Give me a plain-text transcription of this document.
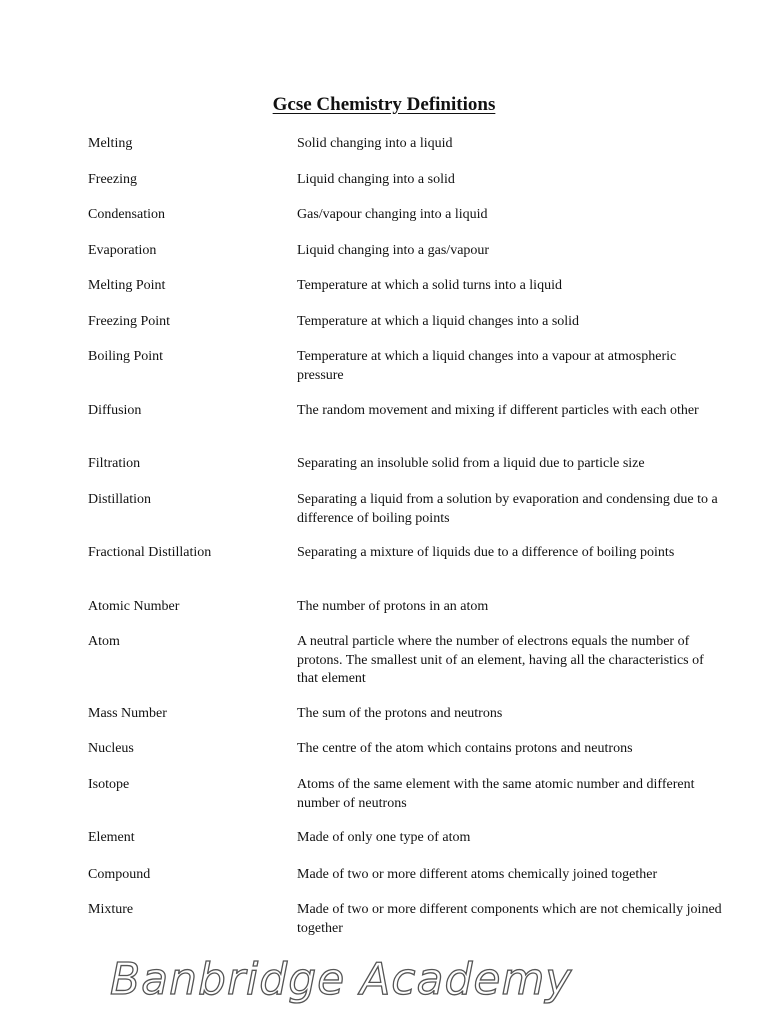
Gcse Chemistry Definitions
Melting	Solid changing into a liquid
Freezing	Liquid changing into a solid
Condensation	Gas/vapour changing into a liquid
Evaporation	Liquid changing into a gas/vapour
Melting Point	Temperature at which a solid turns into a liquid
Freezing Point	Temperature at which a liquid changes into a solid
Boiling Point	Temperature at which a liquid changes into a vapour at atmospheric pressure
Diffusion	The random movement and mixing if different particles with each other
Filtration	Separating an insoluble solid from a liquid due to particle size
Distillation	Separating a liquid from a solution by evaporation and condensing due to a difference of boiling points
Fractional Distillation	Separating a mixture of liquids due to a difference of boiling points
Atomic Number	The number of protons in an atom
Atom	A neutral particle where the number of electrons equals the number of protons. The smallest unit of an element, having all the characteristics of that element
Mass Number	The sum of the protons and neutrons
Nucleus	The centre of the atom which contains protons and neutrons
Isotope	Atoms of the same element with the same atomic number and different number of neutrons
Element	Made of only one type of atom
Compound	Made of two or more different atoms chemically joined together
Mixture	Made of two or more different components which are not chemically joined together
Banbridge Academy
